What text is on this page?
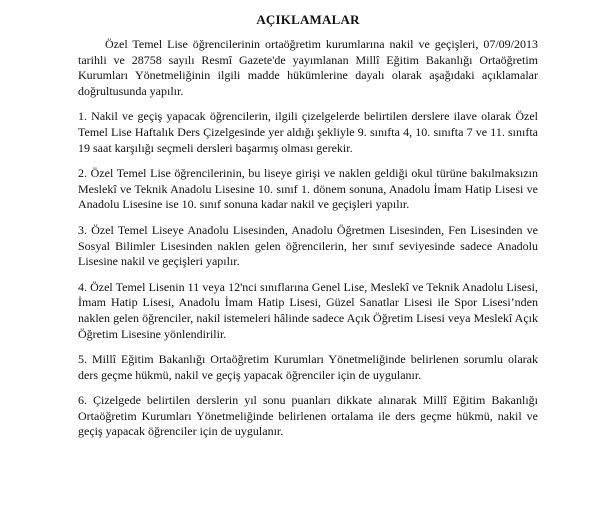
AÇIKLAMALAR

Özel Temel Lise öğrencilerinin ortaöğretim kurumlarına nakil ve geçişleri, 07/09/2013 tarihli ve 28758 sayılı Resmî Gazete'de yayımlanan Millî Eğitim Bakanlığı Ortaöğretim Kurumları Yönetmeliğinin ilgili madde hükümlerine dayalı olarak aşağıdaki açıklamalar doğrultusunda yapılır.

1. Nakil ve geçiş yapacak öğrencilerin, ilgili çizelgelerde belirtilen derslere ilave olarak Özel Temel Lise Haftalık Ders Çizelgesinde yer aldığı şekliyle 9. sınıfta 4, 10. sınıfta 7 ve 11. sınıfta 19 saat karşılığı seçmeli dersleri başarmış olması gerekir.

2. Özel Temel Lise öğrencilerinin, bu liseye girişi ve naklen geldiği okul türüne bakılmaksızın Meslekî ve Teknik Anadolu Lisesine 10. sınıf 1. dönem sonuna, Anadolu İmam Hatip Lisesi ve Anadolu Lisesine ise 10. sınıf sonuna kadar nakil ve geçişleri yapılır.

3. Özel Temel Liseye Anadolu Lisesinden, Anadolu Öğretmen Lisesinden, Fen Lisesinden ve Sosyal Bilimler Lisesinden naklen gelen öğrencilerin, her sınıf seviyesinde sadece Anadolu Lisesine nakil ve geçişleri yapılır.

4. Özel Temel Lisenin 11 veya 12'nci sınıflarına Genel Lise, Meslekî ve Teknik Anadolu Lisesi, İmam Hatip Lisesi, Anadolu İmam Hatip Lisesi, Güzel Sanatlar Lisesi ile Spor Lisesi’nden naklen gelen öğrenciler, nakil istemeleri hâlinde sadece Açık Öğretim Lisesi veya Meslekî Açık Öğretim Lisesine yönlendirilir.

5. Millî Eğitim Bakanlığı Ortaöğretim Kurumları Yönetmeliğinde belirlenen sorumlu olarak ders geçme hükmü, nakil ve geçiş yapacak öğrenciler için de uygulanır.

6. Çizelgede belirtilen derslerin yıl sonu puanları dikkate alınarak Millî Eğitim Bakanlığı Ortaöğretim Kurumları Yönetmeliğinde belirlenen ortalama ile ders geçme hükmü, nakil ve geçiş yapacak öğrenciler için de uygulanır.
